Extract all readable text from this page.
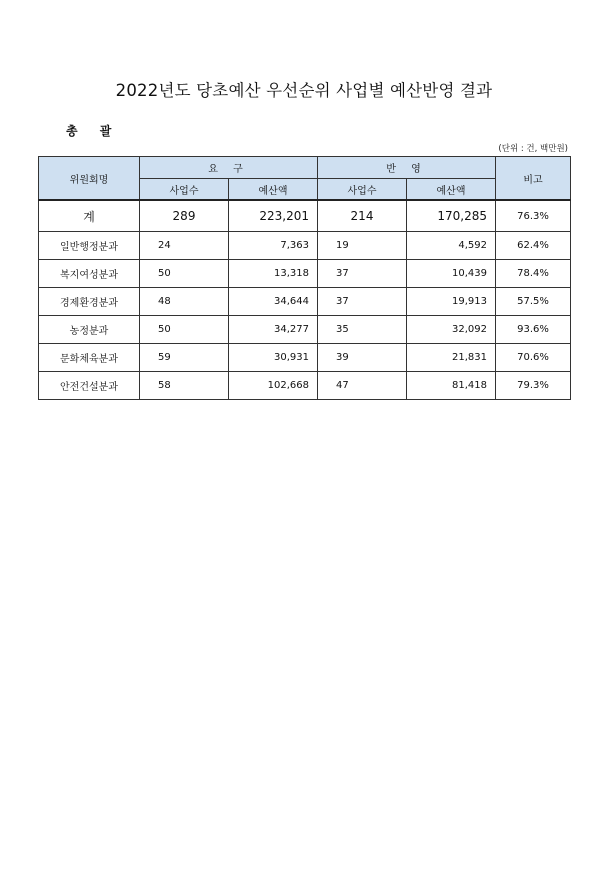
2022년도 당초예산 우선순위 사업별 예산반영 결과
총 괄
(단위 : 건, 백만원)
위원회명	요 구		반 영		비고
	사업수	예산액	사업수	예산액	
계	289	223,201	214	170,285	76.3%
일반행정분과	24	7,363	19	4,592	62.4%
복지여성분과	50	13,318	37	10,439	78.4%
경제환경분과	48	34,644	37	19,913	57.5%
농정분과	50	34,277	35	32,092	93.6%
문화체육분과	59	30,931	39	21,831	70.6%
안전건설분과	58	102,668	47	81,418	79.3%
